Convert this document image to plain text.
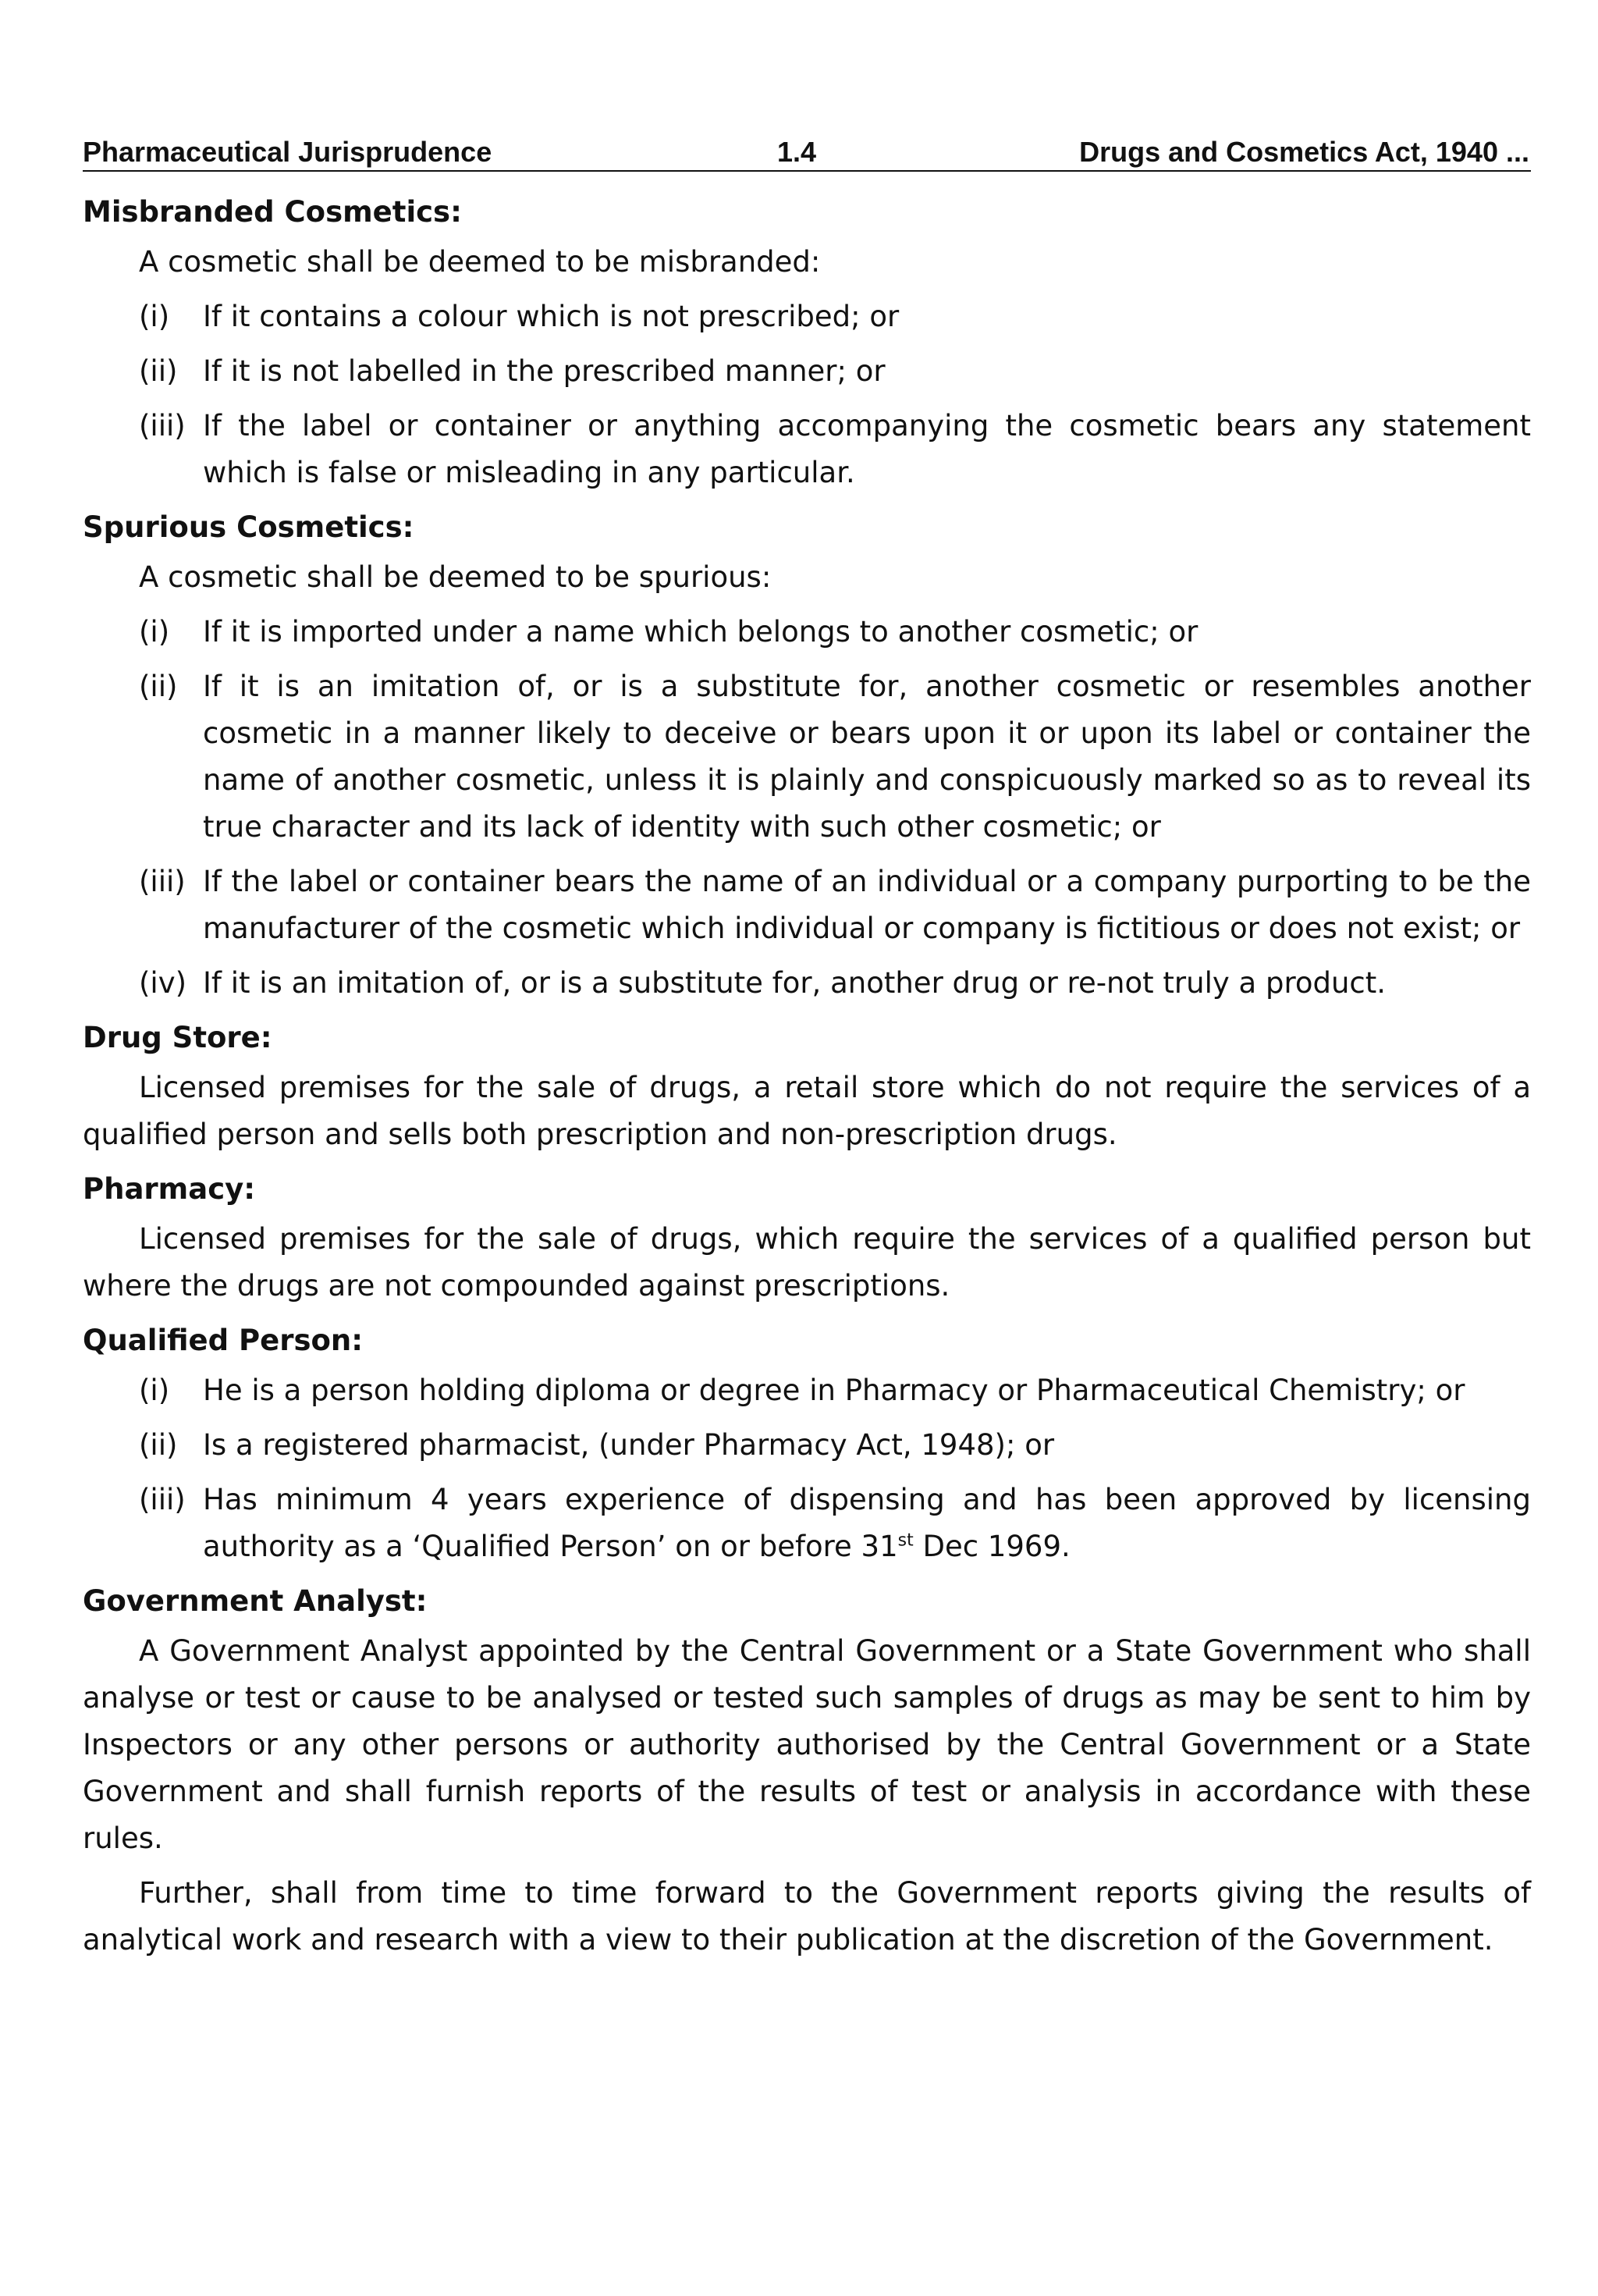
Pharmaceutical Jurisprudence	1.4	Drugs and Cosmetics Act, 1940 ...
Misbranded Cosmetics:

A cosmetic shall be deemed to be misbranded:

(i) If it contains a colour which is not prescribed; or
(ii) If it is not labelled in the prescribed manner; or
(iii) If the label or container or anything accompanying the cosmetic bears any statement which is false or misleading in any particular.
Spurious Cosmetics:

A cosmetic shall be deemed to be spurious:

(i) If it is imported under a name which belongs to another cosmetic; or
(ii) If it is an imitation of, or is a substitute for, another cosmetic or resembles another cosmetic in a manner likely to deceive or bears upon it or upon its label or container the name of another cosmetic, unless it is plainly and conspicuously marked so as to reveal its true character and its lack of identity with such other cosmetic; or
(iii) If the label or container bears the name of an individual or a company purporting to be the manufacturer of the cosmetic which individual or company is fictitious or does not exist; or
(iv) If it is an imitation of, or is a substitute for, another drug or re-not truly a product.
Drug Store:

Licensed premises for the sale of drugs, a retail store which do not require the services of a qualified person and sells both prescription and non-prescription drugs.

Pharmacy:

Licensed premises for the sale of drugs, which require the services of a qualified person but where the drugs are not compounded against prescriptions.

Qualified Person:
(i) He is a person holding diploma or degree in Pharmacy or Pharmaceutical Chemistry; or
(ii) Is a registered pharmacist, (under Pharmacy Act, 1948); or
(iii) Has minimum 4 years experience of dispensing and has been approved by licensing authority as a ‘Qualified Person’ on or before 31st Dec 1969.
Government Analyst:

A Government Analyst appointed by the Central Government or a State Government who shall analyse or test or cause to be analysed or tested such samples of drugs as may be sent to him by Inspectors or any other persons or authority authorised by the Central Government or a State Government and shall furnish reports of the results of test or analysis in accordance with these rules.

Further, shall from time to time forward to the Government reports giving the results of analytical work and research with a view to their publication at the discretion of the Government.
